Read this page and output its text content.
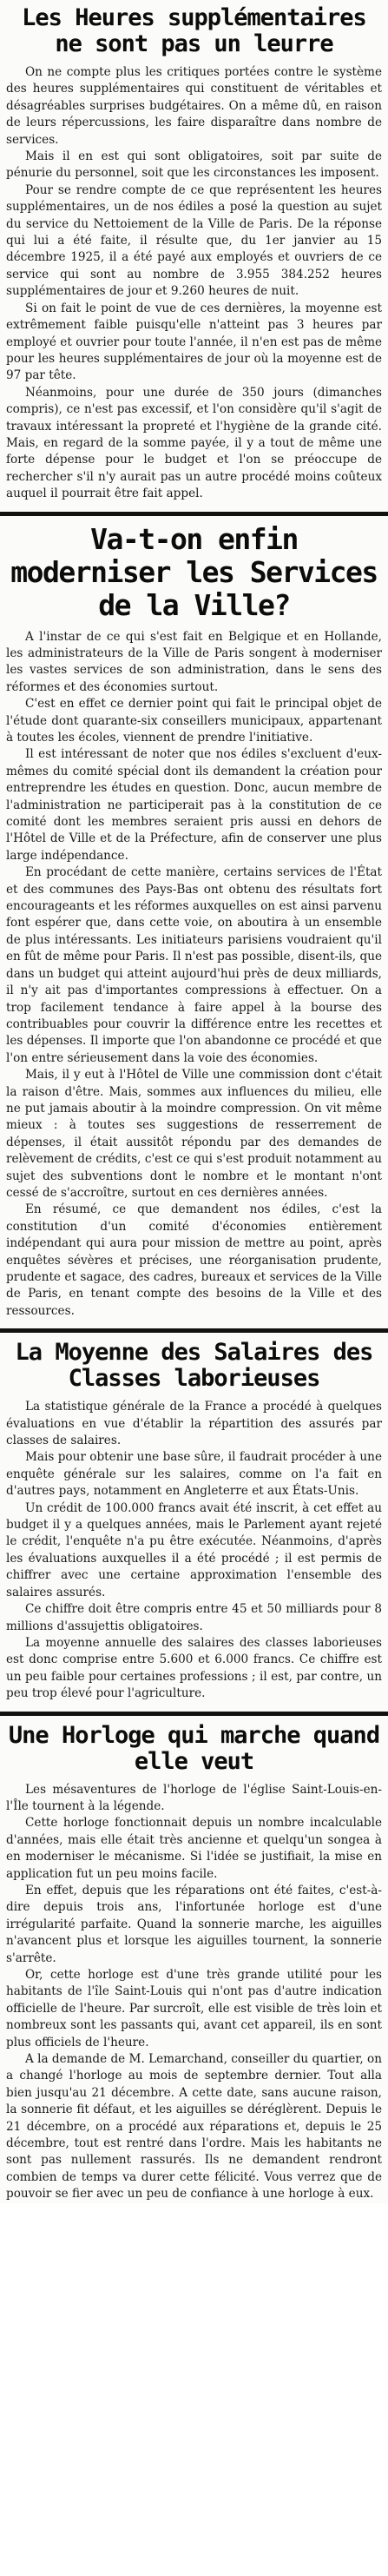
Les Heures supplémentaires ne sont pas un leurre

On ne compte plus les critiques portées contre le système des heures supplémentaires qui constituent de véritables et désagréables surprises budgétaires. On a même dû, en raison de leurs répercussions, les faire disparaître dans nombre de services.

Mais il en est qui sont obligatoires, soit par suite de pénurie du personnel, soit que les circonstances les imposent.

Pour se rendre compte de ce que représentent les heures supplémentaires, un de nos édiles a posé la question au sujet du service du Nettoiement de la Ville de Paris. De la réponse qui lui a été faite, il résulte que, du 1er janvier au 15 décembre 1925, il a été payé aux employés et ouvriers de ce service qui sont au nombre de 3.955 384.252 heures supplémentaires de jour et 9.260 heures de nuit.

Si on fait le point de vue de ces dernières, la moyenne est extrêmement faible puisqu'elle n'atteint pas 3 heures par employé et ouvrier pour toute l'année, il n'en est pas de même pour les heures supplémentaires de jour où la moyenne est de 97 par tête.

Néanmoins, pour une durée de 350 jours (dimanches compris), ce n'est pas excessif, et l'on considère qu'il s'agit de travaux intéressant la propreté et l'hygiène de la grande cité. Mais, en regard de la somme payée, il y a tout de même une forte dépense pour le budget et l'on se préoccupe de rechercher s'il n'y aurait pas un autre procédé moins coûteux auquel il pourrait être fait appel.

Va-t-on enfin moderniser les Services de la Ville?

A l'instar de ce qui s'est fait en Belgique et en Hollande, les administrateurs de la Ville de Paris songent à moderniser les vastes services de son administration, dans le sens des réformes et des économies surtout.

C'est en effet ce dernier point qui fait le principal objet de l'étude dont quarante-six conseillers municipaux, appartenant à toutes les écoles, viennent de prendre l'initiative.

Il est intéressant de noter que nos édiles s'excluent d'eux-mêmes du comité spécial dont ils demandent la création pour entreprendre les études en question. Donc, aucun membre de l'administration ne participerait pas à la constitution de ce comité dont les membres seraient pris aussi en dehors de l'Hôtel de Ville et de la Préfecture, afin de conserver une plus large indépendance.

En procédant de cette manière, certains services de l'État et des communes des Pays-Bas ont obtenu des résultats fort encourageants et les réformes auxquelles on est ainsi parvenu font espérer que, dans cette voie, on aboutira à un ensemble de plus intéressants. Les initiateurs parisiens voudraient qu'il en fût de même pour Paris. Il n'est pas possible, disent-ils, que dans un budget qui atteint aujourd'hui près de deux milliards, il n'y ait pas d'importantes compressions à effectuer. On a trop facilement tendance à faire appel à la bourse des contribuables pour couvrir la différence entre les recettes et les dépenses. Il importe que l'on abandonne ce procédé et que l'on entre sérieusement dans la voie des économies.

Mais, il y eut à l'Hôtel de Ville une commission dont c'était la raison d'être. Mais, sommes aux influences du milieu, elle ne put jamais aboutir à la moindre compression. On vit même mieux : à toutes ses suggestions de resserrement de dépenses, il était aussitôt répondu par des demandes de relèvement de crédits, c'est ce qui s'est produit notamment au sujet des subventions dont le nombre et le montant n'ont cessé de s'accroître, surtout en ces dernières années.

En résumé, ce que demandent nos édiles, c'est la constitution d'un comité d'économies entièrement indépendant qui aura pour mission de mettre au point, après enquêtes sévères et précises, une réorganisation prudente, prudente et sagace, des cadres, bureaux et services de la Ville de Paris, en tenant compte des besoins de la Ville et des ressources.

La Moyenne des Salaires des Classes laborieuses

La statistique générale de la France a procédé à quelques évaluations en vue d'établir la répartition des assurés par classes de salaires.

Mais pour obtenir une base sûre, il faudrait procéder à une enquête générale sur les salaires, comme on l'a fait en d'autres pays, notamment en Angleterre et aux États-Unis.

Un crédit de 100.000 francs avait été inscrit, à cet effet au budget il y a quelques années, mais le Parlement ayant rejeté le crédit, l'enquête n'a pu être exécutée. Néanmoins, d'après les évaluations auxquelles il a été procédé ; il est permis de chiffrer avec une certaine approximation l'ensemble des salaires assurés.

Ce chiffre doit être compris entre 45 et 50 milliards pour 8 millions d'assujettis obligatoires.

La moyenne annuelle des salaires des classes laborieuses est donc comprise entre 5.600 et 6.000 francs. Ce chiffre est un peu faible pour certaines professions ; il est, par contre, un peu trop élevé pour l'agriculture.

Une Horloge qui marche quand elle veut

Les mésaventures de l'horloge de l'église Saint-Louis-en-l'Île tournent à la légende.

Cette horloge fonctionnait depuis un nombre incalculable d'années, mais elle était très ancienne et quelqu'un songea à en moderniser le mécanisme. Si l'idée se justifiait, la mise en application fut un peu moins facile.

En effet, depuis que les réparations ont été faites, c'est-à-dire depuis trois ans, l'infortunée horloge est d'une irrégularité parfaite. Quand la sonnerie marche, les aiguilles n'avancent plus et lorsque les aiguilles tournent, la sonnerie s'arrête.

Or, cette horloge est d'une très grande utilité pour les habitants de l'île Saint-Louis qui n'ont pas d'autre indication officielle de l'heure. Par surcroît, elle est visible de très loin et nombreux sont les passants qui, avant cet appareil, ils en sont plus officiels de l'heure.

A la demande de M. Lemarchand, conseiller du quartier, on a changé l'horloge au mois de septembre dernier. Tout alla bien jusqu'au 21 décembre. A cette date, sans aucune raison, la sonnerie fit défaut, et les aiguilles se déréglèrent. Depuis le 21 décembre, on a procédé aux réparations et, depuis le 25 décembre, tout est rentré dans l'ordre. Mais les habitants ne sont pas nullement rassurés. Ils ne demandent rendront combien de temps va durer cette félicité. Vous verrez que de pouvoir se fier avec un peu de confiance à une horloge à eux.
